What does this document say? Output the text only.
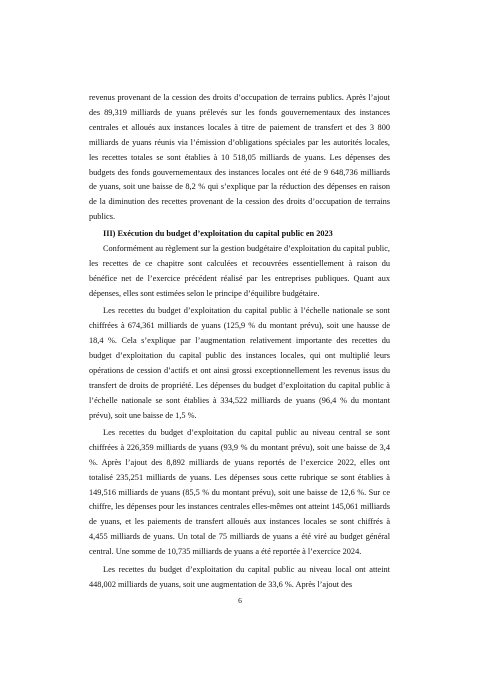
revenus provenant de la cession des droits d’occupation de terrains publics. Après l’ajout des 89,319 milliards de yuans prélevés sur les fonds gouvernementaux des instances centrales et alloués aux instances locales à titre de paiement de transfert et des 3 800 milliards de yuans réunis via l’émission d’obligations spéciales par les autorités locales, les recettes totales se sont établies à 10 518,05 milliards de yuans. Les dépenses des budgets des fonds gouvernementaux des instances locales ont été de 9 648,736 milliards de yuans, soit une baisse de 8,2 % qui s’explique par la réduction des dépenses en raison de la diminution des recettes provenant de la cession des droits d’occupation de terrains publics.

III) Exécution du budget d’exploitation du capital public en 2023

Conformément au règlement sur la gestion budgétaire d’exploitation du capital public, les recettes de ce chapitre sont calculées et recouvrées essentiellement à raison du bénéfice net de l’exercice précédent réalisé par les entreprises publiques. Quant aux dépenses, elles sont estimées selon le principe d’équilibre budgétaire.

Les recettes du budget d’exploitation du capital public à l’échelle nationale se sont chiffrées à 674,361 milliards de yuans (125,9 % du montant prévu), soit une hausse de 18,4 %. Cela s’explique par l’augmentation relativement importante des recettes du budget d’exploitation du capital public des instances locales, qui ont multiplié leurs opérations de cession d’actifs et ont ainsi grossi exceptionnellement les revenus issus du transfert de droits de propriété. Les dépenses du budget d’exploitation du capital public à l’échelle nationale se sont établies à 334,522 milliards de yuans (96,4 % du montant prévu), soit une baisse de 1,5 %.

Les recettes du budget d’exploitation du capital public au niveau central se sont chiffrées à 226,359 milliards de yuans (93,9 % du montant prévu), soit une baisse de 3,4 %. Après l’ajout des 8,892 milliards de yuans reportés de l’exercice 2022, elles ont totalisé 235,251 milliards de yuans. Les dépenses sous cette rubrique se sont établies à 149,516 milliards de yuans (85,5 % du montant prévu), soit une baisse de 12,6 %. Sur ce chiffre, les dépenses pour les instances centrales elles-mêmes ont atteint 145,061 milliards de yuans, et les paiements de transfert alloués aux instances locales se sont chiffrés à 4,455 milliards de yuans. Un total de 75 milliards de yuans a été viré au budget général central. Une somme de 10,735 milliards de yuans a été reportée à l’exercice 2024.

Les recettes du budget d’exploitation du capital public au niveau local ont atteint 448,002 milliards de yuans, soit une augmentation de 33,6 %. Après l’ajout des

6
